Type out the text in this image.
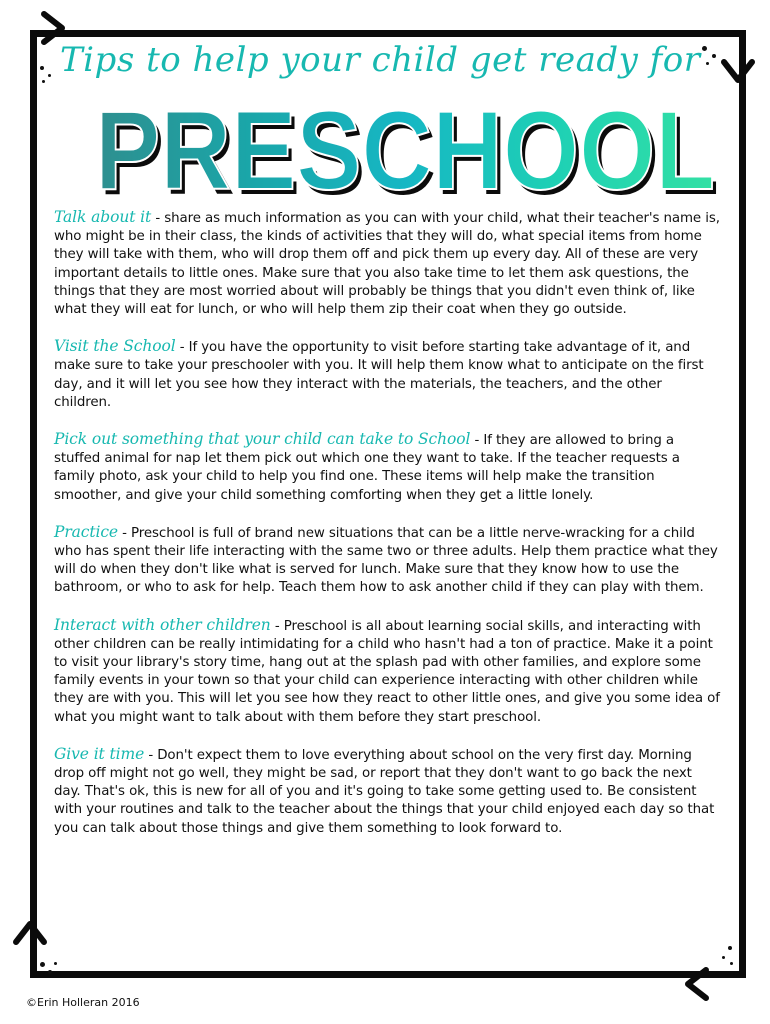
Tips to help your child get ready for
PRESCHOOL
PRESCHOOL

Talk about it - share as much information as you can with your child, what their teacher's name is, who might be in their class, the kinds of activities that they will do, what special items from home they will take with them, who will drop them off and pick them up every day. All of these are very important details to little ones. Make sure that you also take time to let them ask questions, the things that they are most worried about will probably be things that you didn't even think of, like what they will eat for lunch, or who will help them zip their coat when they go outside.

Visit the School - If you have the opportunity to visit before starting take advantage of it, and make sure to take your preschooler with you. It will help them know what to anticipate on the first day, and it will let you see how they interact with the materials, the teachers, and the other children.

Pick out something that your child can take to School - If they are allowed to bring a stuffed animal for nap let them pick out which one they want to take. If the teacher requests a family photo, ask your child to help you find one. These items will help make the transition smoother, and give your child something comforting when they get a little lonely.

Practice - Preschool is full of brand new situations that can be a little nerve-wracking for a child who has spent their life interacting with the same two or three adults. Help them practice what they will do when they don't like what is served for lunch. Make sure that they know how to use the bathroom, or who to ask for help. Teach them how to ask another child if they can play with them.

Interact with other children - Preschool is all about learning social skills, and interacting with other children can be really intimidating for a child who hasn't had a ton of practice. Make it a point to visit your library's story time, hang out at the splash pad with other families, and explore some family events in your town so that your child can experience interacting with other children while they are with you. This will let you see how they react to other little ones, and give you some idea of what you might want to talk about with them before they start preschool.

Give it time - Don't expect them to love everything about school on the very first day. Morning drop off might not go well, they might be sad, or report that they don't want to go back the next day. That's ok, this is new for all of you and it's going to take some getting used to. Be consistent with your routines and talk to the teacher about the things that your child enjoyed each day so that you can talk about those things and give them something to look forward to.

©Erin Holleran 2016
